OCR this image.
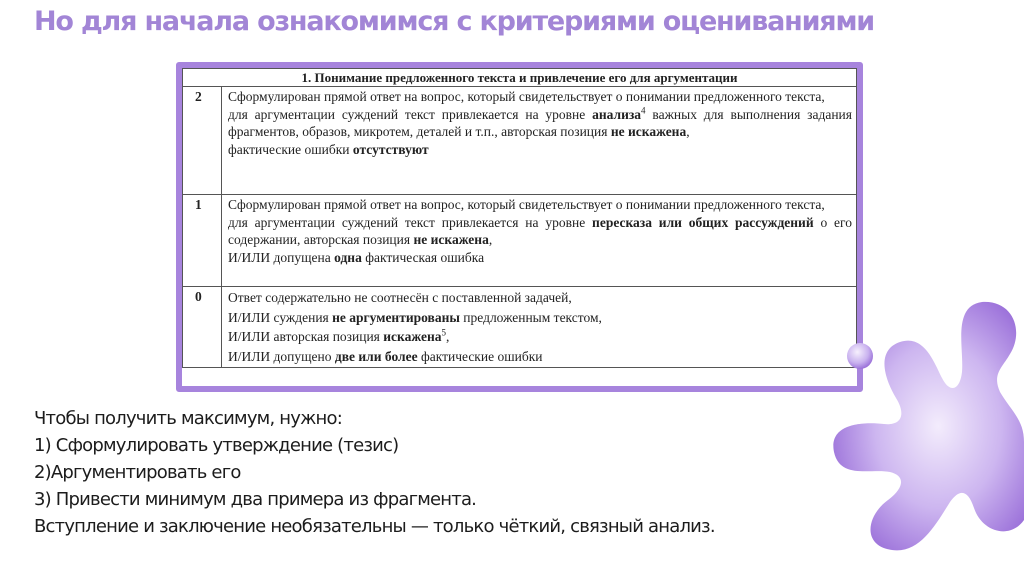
Но для начала ознакомимся с критериями оцениваниями
1. Понимание предложенного текста и привлечение его для аргументации	
2	Сформулирован прямой ответ на вопрос, который свидетельствует о понимании предложенного текста,
для аргументации суждений текст привлекается на уровне анализа$^4$ важных для выполнения задания фрагментов, образов, микротем, деталей и т.п., авторская позиция не искажена,
фактические ошибки отсутствуют
1	Сформулирован прямой ответ на вопрос, который свидетельствует о понимании предложенного текста,
для аргументации суждений текст привлекается на уровне пересказа или общих рассуждений о его содержании, авторская позиция не искажена,
И/ИЛИ допущена одна фактическая ошибка
0	Ответ содержательно не соотнесён с поставленной задачей,
И/ИЛИ суждения не аргументированы предложенным текстом,
И/ИЛИ авторская позиция искажена$^5$,
И/ИЛИ допущено две или более фактические ошибки
Чтобы получить максимум, нужно:
1) Сформулировать утверждение (тезис)
2)Аргументировать его
3) Привести минимум два примера из фрагмента.
Вступление и заключение необязательны — только чёткий, связный анализ.
